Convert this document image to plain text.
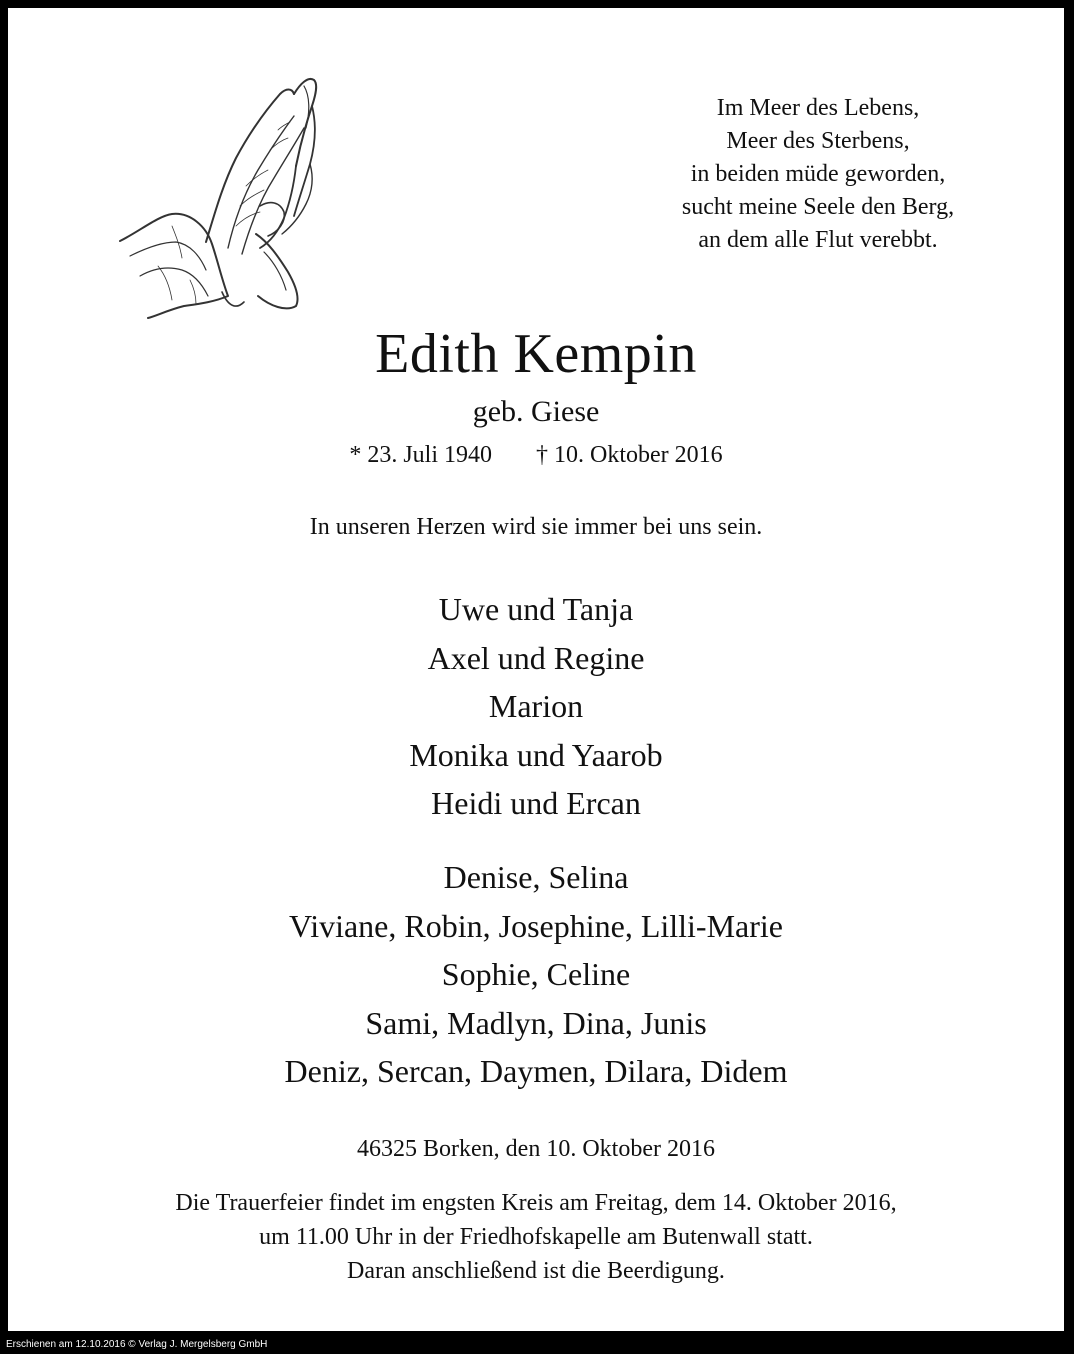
Im Meer des Lebens,
Meer des Sterbens,
in beiden müde geworden,
sucht meine Seele den Berg,
an dem alle Flut verebbt.
Edith Kempin
geb. Giese
* 23. Juli 1940 † 10. Oktober 2016
In unseren Herzen wird sie immer bei uns sein.
Uwe und Tanja
Axel und Regine
Marion
Monika und Yaarob
Heidi und Ercan
Denise, Selina
Viviane, Robin, Josephine, Lilli-Marie
Sophie, Celine
Sami, Madlyn, Dina, Junis
Deniz, Sercan, Daymen, Dilara, Didem
46325 Borken, den 10. Oktober 2016
Die Trauerfeier findet im engsten Kreis am Freitag, dem 14. Oktober 2016,
um 11.00 Uhr in der Friedhofskapelle am Butenwall statt.
Daran anschließend ist die Beerdigung.
Erschienen am 12.10.2016 © Verlag J. Mergelsberg GmbH
